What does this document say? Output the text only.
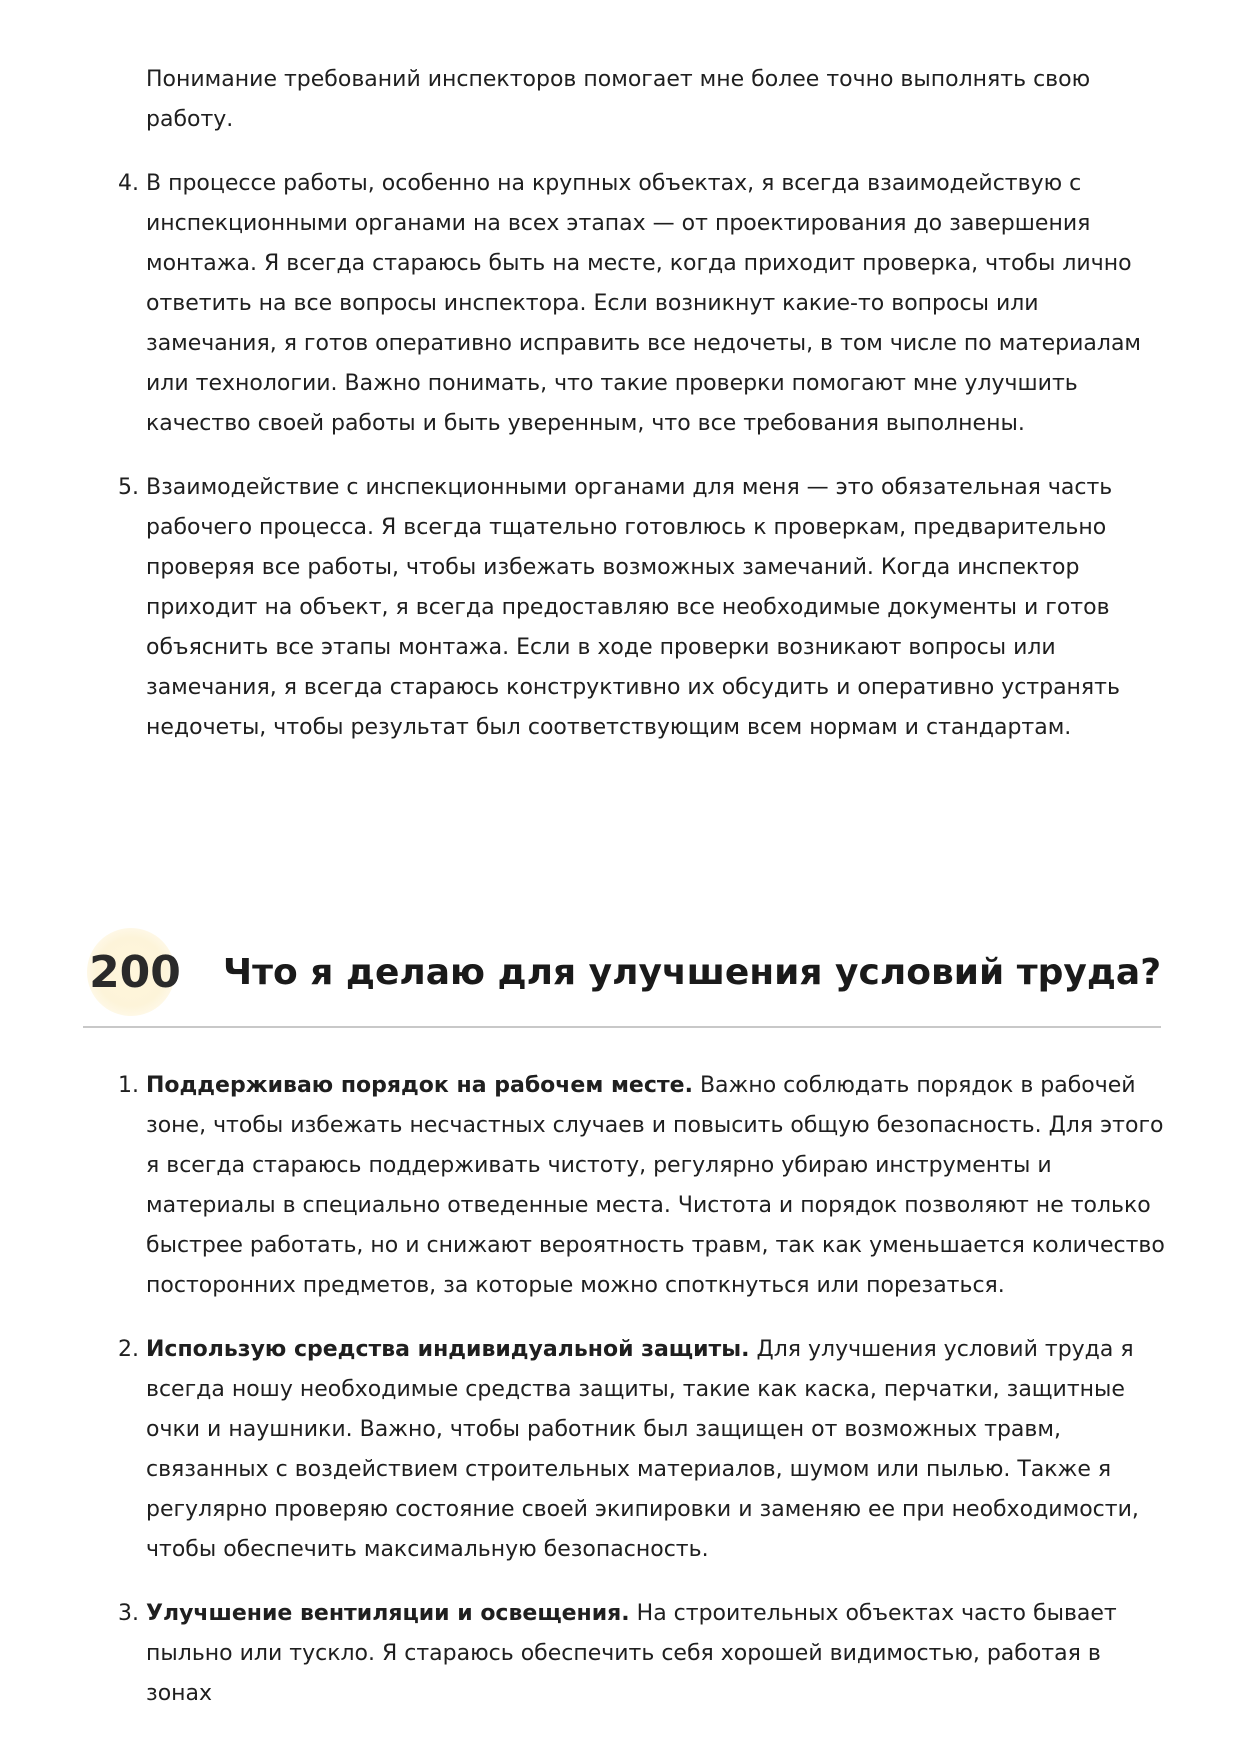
Понимание требований инспекторов помогает мне более точно выполнять свою работу.

4. В процессе работы, особенно на крупных объектах, я всегда взаимодействую с инспекционными органами на всех этапах — от проектирования до завершения монтажа. Я всегда стараюсь быть на месте, когда приходит проверка, чтобы лично ответить на все вопросы инспектора. Если возникнут какие-то вопросы или замечания, я готов оперативно исправить все недочеты, в том числе по материалам или технологии. Важно понимать, что такие проверки помогают мне улучшить качество своей работы и быть уверенным, что все требования выполнены.
5. Взаимодействие с инспекционными органами для меня — это обязательная часть рабочего процесса. Я всегда тщательно готовлюсь к проверкам, предварительно проверяя все работы, чтобы избежать возможных замечаний. Когда инспектор приходит на объект, я всегда предоставляю все необходимые документы и готов объяснить все этапы монтажа. Если в ходе проверки возникают вопросы или замечания, я всегда стараюсь конструктивно их обсудить и оперативно устранять недочеты, чтобы результат был соответствующим всем нормам и стандартам.
200 Что я делаю для улучшения условий труда?
1. Поддерживаю порядок на рабочем месте. Важно соблюдать порядок в рабочей зоне, чтобы избежать несчастных случаев и повысить общую безопасность. Для этого я всегда стараюсь поддерживать чистоту, регулярно убираю инструменты и материалы в специально отведенные места. Чистота и порядок позволяют не только быстрее работать, но и снижают вероятность травм, так как уменьшается количество посторонних предметов, за которые можно споткнуться или порезаться.
2. Использую средства индивидуальной защиты. Для улучшения условий труда я всегда ношу необходимые средства защиты, такие как каска, перчатки, защитные очки и наушники. Важно, чтобы работник был защищен от возможных травм, связанных с воздействием строительных материалов, шумом или пылью. Также я регулярно проверяю состояние своей экипировки и заменяю ее при необходимости, чтобы обеспечить максимальную безопасность.
3. Улучшение вентиляции и освещения. На строительных объектах часто бывает пыльно или тускло. Я стараюсь обеспечить себя хорошей видимостью, работая в зонах
